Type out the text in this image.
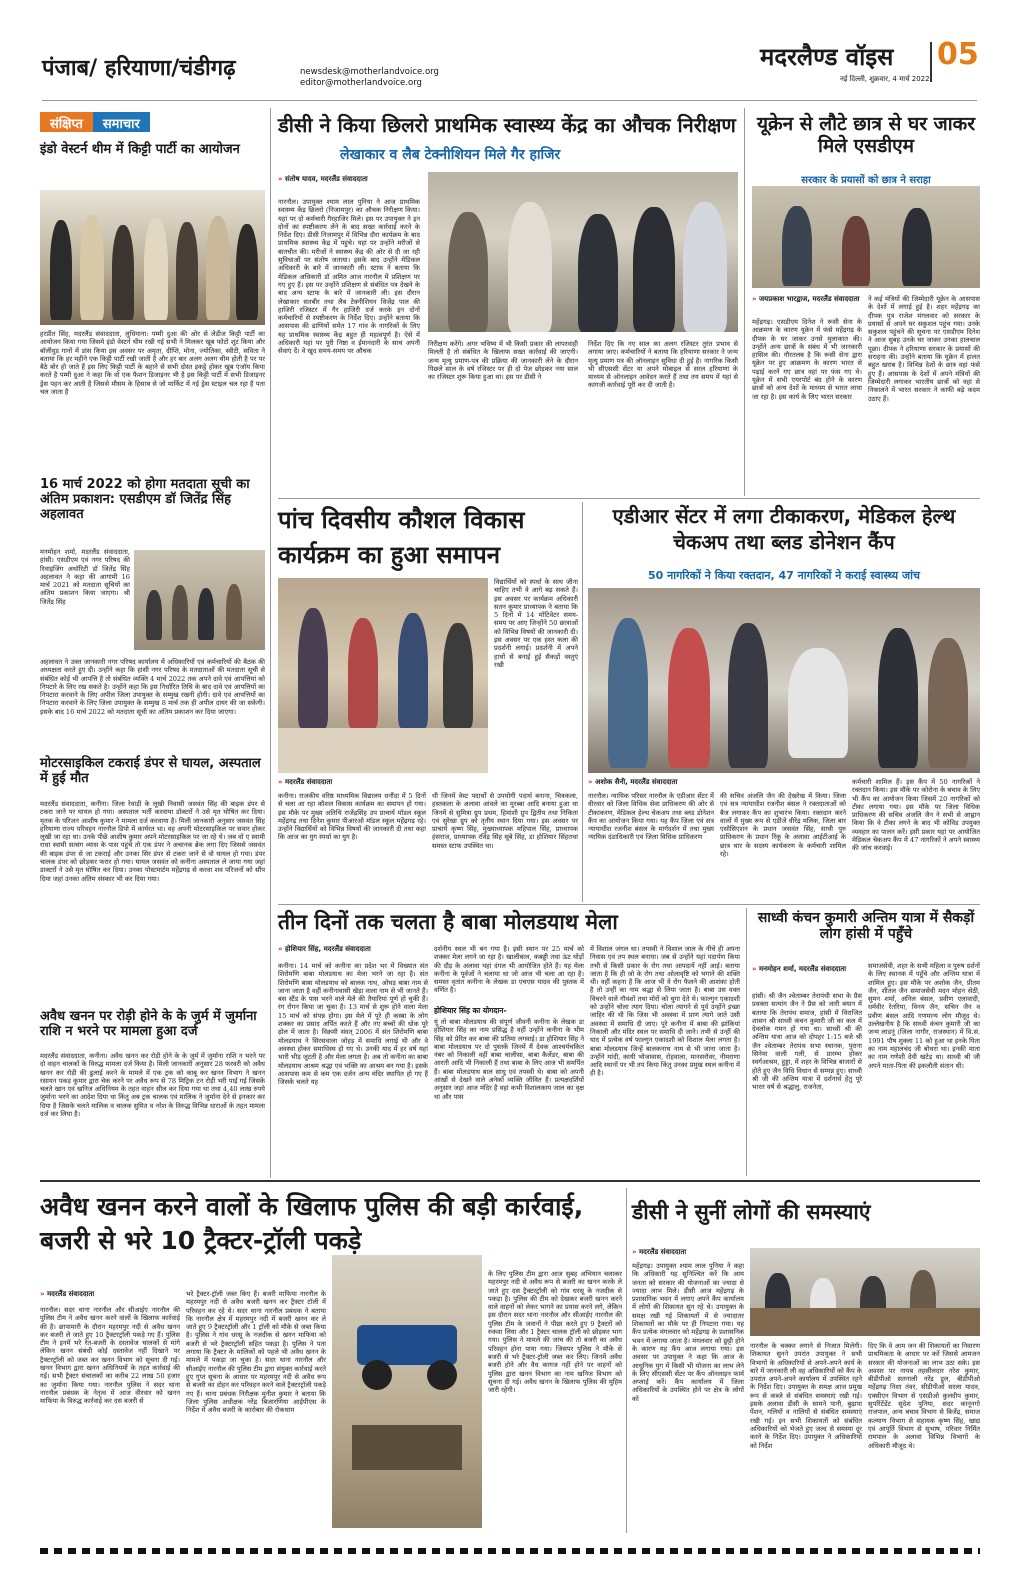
पंजाब/ हरियाणा/चंडीगढ़	newsdesk@motherlandvoice.org
editor@motherlandvoice.org
मदरलैण्ड वॉइस 05
नई दिल्ली, शुक्रवार, 4 मार्च 2022
संक्षिप्त	समाचार
इंडो वेस्टर्न थीम में किट्टी पार्टी का आयोजन
हरप्रीत सिंह, मदरलैंड संवाददाता, लुधियाना: पम्मी दुआ की ओर से लेडीज किट्टी पार्टी का आयोजन किया गया जिसमे इंडो वेस्टर्न थीम रखी गई सभी ने मिलकर खूब फोटो शूट किया और बॉलीवुड गानों में डांस किया इस अवसर पर अमृता, दीप्ति, मोना, ज्योतिका, स्वीटी, सविता ने बताया कि हर महीने एक किट्टी पार्टी रखी जाती है और हर बार अलग अलग थीम होती है पर पर बैठे बोर हो जाते हैं इस लिए किट्टी पार्टी के बहाने से सभी दोस्त इकट्ठे होकर खूब एंजॉय किया करते है पम्मी दुआ ने कहा कि वो एक फैशन डिजाइनर भी है इस किट्टी पार्टी में सभी डिजाइनर ड्रेस पहन कर आती है जिससे मौसम के हिसाब से जो मार्किट में नई ड्रेस स्टाइल चल रहा है पता चल जाता है
16 मार्च 2022 को होगा मतदाता सूची का अंतिम प्रकाशन: एसडीएम डॉ जितेंद्र सिंह अहलावत
मनमोहन शर्मा, मदरलैंड संवाददाता, हांसी। एसडीएम एवं नगर परिषद की रिवाइजिंग अथॉरिटी डॉ जितेंद्र सिंह अहलावत ने कहा की आगामी 16 मार्च 2021 को मतदाता सूचियों का अंतिम प्रकाशन किया जाएगा। श्री जितेंद्र सिंह
अहलावत ने उक्त जानकारी नगर परिषद कार्यालय में अधिकारियों एवं कर्मचारियों की बैठक की अध्यक्षता करते हुए दी। उन्होंने कहा कि हांसी नगर परिषद के मतदाताओं की मतदाता सूची से संबंधित कोई भी आपत्ति है तो संबंधित व्यक्ति 4 मार्च 2022 तक अपने दावे एवं आपत्तियां को निपटारे के लिए रख सकते है। उन्होंने कहा कि इस निर्धारित तिथि के बाद दावे एवं आपत्तियों का निपटारा करवाने के लिए अपील जिला उपायुक्त के सम्मुख रखनी होगी। दावे एवं आपत्तियों का निपटारा करवाने के लिए जिला उपायुक्त के सम्मुख 8 मार्च तक ही अपील दायर की जा सकेगी। इसके बाद 16 मार्च 2022 को मतदाता सूची का अंतिम प्रकाशन कर दिया जाएगा।
मोटरसाइकिल टकराई डंपर से घायल, अस्पताल में हुई मौत
मदरलैंड संवाददाता, कनीना। जिला रेवाड़ी के लूखी निवासी जसवंत सिंह की बाइक डंपर से टकरा जाने पर घायल हो गया। अस्पताल भर्ती करवाया डॉक्टरों ने उसे मृत घोषित कर दिया। मृतक के परिजन आशीष कुमार ने मामला दर्ज करवाया है। मिली जानकारी अनुसार जसवंत सिंह हरियाणा राज्य परिवहन नारनौल डिपो में कार्यरत था। वह अपनी मोटरसाइकिल पर सवार होकर लूखी जा रहा था। उनके पीछे आशीष कुमार अपने मोटरसाइकिल पर जा रहे थे। जब वो ए स्वामी राधा स्वामी सत्संग व्यास के पास पहुंचे तो एक डंपर ने अचानक ब्रेक लगा दिए जिससे जसवंत की बाइक डंपर से जा टकराई और उनका सिर डंपर से टकरा जाने से वो घायल हो गया। डंपर चालक डंपर को छोड़कर फरार हो गया। घायल जसवंत को कनीना अस्पताल ले जाया गया जहां डाक्टरों ने उसे मृत घोषित कर दिया। उनका पोस्टमार्टम महेंद्रगढ़ से करवा शव परिजनों को सौंप दिया जहां उनका अंतिम संस्कार भी कर दिया गया।
अवैध खनन पर रोड़ी होने के के जुर्म में जुर्माना राशि न भरने पर मामला हुआ दर्ज
मदरलैंड संवाददाता, कनीना। अवैध खनन कर रोड़ी होने के के जुर्म में जुर्माना राशि न भरने पर दो वाहन चालकों के विरुद्ध मामला दर्ज किया है। मिली जानकारी अनुसार 28 फरवरी को अवैध खनन कर रोड़ी की ढुलाई करने के मामले में एक ट्रक को काबू कर खनन विभाग ने खनन रसायन पकड़ कुमार द्वारा चेक करने पर अवैध रूप से 78 मिट्रिक टन रोड़ी भरी पाई गई जिसके चलते खान एवं खनिज अधिनियम के तहत वाहन सील कर दिया गया था तथा 4,40 लाख रुपये जुर्माना भरने का आदेश दिया था किंतु अब ट्रक चालक एवं मालिक ने जुर्माना देने से इनकार कर दिया है जिसके चलते मालिक व चालक सुमित व नरेश के विरुद्ध विभिन्न धाराओं के तहत मामला दर्ज कर लिया है।
डीसी ने किया छिलरो प्राथमिक स्वास्थ्य केंद्र का औचक निरीक्षण
लेखाकार व लैब टेक्नीशियन मिले गैर हाजिर
» संतोष यादव, मदरलैंड संवाददाता
नारनौल। उपायुक्त श्याम लाल पुनिया ने आज प्राथमिक स्वास्थ्य केंद्र छिलरो (निजामपुर) का औचक निरीक्षण किया। यहां पर दो कर्मचारी गैरहाजिर मिले। इस पर उपायुक्त ने इन दोनों का स्पष्टीकरण लेने के बाद सख्त कार्रवाई करने के निर्देश दिए। डीसी निजामपुर में विभिन्न दौरा कार्यक्रम के बाद प्राथमिक स्वास्थ्य केंद्र में पहुंचे। यहां पर उन्होंने मरीजों से बातचीत की। मरीजों ने स्वास्थ्य केंद्र की ओर से दी जा रही सुविधाओं पर संतोष जताया। इसके बाद उन्होंने मेडिकल अधिकारी के बारे में जानकारी ली। स्टाफ ने बताया कि मेडिकल अधिकारी डॉ अमित आज नारनौल में प्रशिक्षण पर गए हुए हैं। इस पर उन्होंने प्रशिक्षण से संबंधित पत्र देखने के बाद अन्य स्टाफ के बारे में जानकारी ली। इस दौरान लेखाकार सतबीर तथा लैब टेक्नीशियन विजेंद्र पाल की हाजिरी रजिस्टर में गैर हाजिरी दर्ज करके इन दोनों कर्मचारियों से स्पष्टीकरण के निर्देश दिए। उन्होंने बताया कि आसपास की ढाणियों समेत 17 गांव के नागरिकों के लिए यह प्राथमिक स्वास्थ्य केंद्र बहुत ही महत्वपूर्ण है। ऐसे में अधिकारी यहां पर पूरी निष्ठा व ईमानदारी के साथ अपनी सेवाएं दें। वे खुद समय-समय पर औचक
निरीक्षण करेंगे। अगर भविष्य में भी किसी प्रकार की लापरवाही मिलती है तो संबंधित के खिलाफ सख्त कार्रवाई की जाएगी। जन्म मृत्यु प्रमाण-पत्र की प्रक्रिया की जानकारी लेने के दौरान पिछले साल के वर्ष रजिस्टर पर ही दो पेज छोड़कर नया साल का रजिस्टर शुरू किया हुआ था। इस पर डीसी ने
निर्देश दिए कि नए साल का अलग रजिस्टर तुरंत प्रभाव से लगाया जाए। कर्मचारियों ने बताया कि हरियाणा सरकार ने जन्म मृत्यु प्रमाण पत्र की ऑनलाइन सुविधा दी हुई है। नागरिक किसी भी सीएससी सेंटर या अपने मोबाइल से सरल हरियाणा के माध्यम से ऑनलाइन आवेदन करते हैं तथा तय समय में यहां से कागजी कार्रवाई पूरी कर दी जाती है।
यूक्रेन से लौटे छात्र से घर जाकर मिले एसडीएम
सरकार के प्रयासों को छात्र ने सराहा
» जयप्रकाश भारद्वाज, मदरलैंड संवाददाता
महेंद्रगढ़। एसडीएम दिनेश ने रूसी सेना के आक्रमण के कारण यूक्रेन में फंसे महेंद्रगढ़ के दीपक के घर जाकर उनसे मुलाकात की। उन्होंने अन्य छात्रों के संबंध में भी जानकारी हासिल की। गौरतलब है कि रूसी सेना द्वारा यूक्रेन पर हुए आक्रमण के कारण भारत से पढ़ाई करने गए छात्र वहां पर फंस गए थे। यूक्रेन में सभी एयरपोर्ट बंद होने के कारण छात्रों को अन्य देशों के माध्यम से भारत लाया जा रहा है। इस कार्य के लिए भारत सरकार
ने कई मंत्रियों की जिम्मेदारी यूक्रेन के आसपास के देशों में लगाई हुई है। शहर महेंद्रगढ़ का दीपक पुत्र राजेश मंगलवार को सरकार के प्रयासों से अपने घर सकुशल पहुंच गया। उनके सकुशल पहुंचने की सूचना पर एसडीएम दिनेश ने आज सुबह उनके घर जाकर उनका हालचाल पूछा। दीपक ने हरियाणा सरकार के प्रयासों की सराहना की। उन्होंने बताया कि यूक्रेन में हालत बहुत खराब है। विभिन्न देशों के छात्र वहां फंसे हुए हैं। आसपास के देशों में अपने मंत्रियों की जिम्मेदारी लगाकर भारतीय छात्रों को वहां से निकालने में भारत सरकार ने काफी बढ़े कदम उठाए हैं।
पांच दिवसीय कौशल विकास कार्यक्रम का हुआ समापन
विद्यार्थियों को स्पर्धा के साथ जीना चाहिए तभी वे आगे बढ़ सकते हैं। इस अवसर पर कार्यक्रम अधिकारी सतन कुमार प्राध्यापक ने बताया कि 5 दिनों में 14 मोटिवेटर समय-समय पर आए जिन्होंने 50 छात्राओं को विभिन्न विषयों की जानकारी दी। इस अवसर पर एक हस्त कला की प्रदर्शनी लगाई। प्रदर्शनी में अपने हाथों से बनाई हुई सैकड़ों वस्तुएं रखी
» मदरलैंड संवाददाता
कनीना। राजकीय वरिष्ठ माध्यमिक विद्यालय धनौंदा में 5 दिनों से चला आ रहा कौशल विकास कार्यक्रम का समापन हो गया। इस मौके पर मुख्य अतिथि राजेंद्रसिंह उप प्राचार्य मॉडल स्कूल महेंद्रगढ़ तथा दिनेश कुमार पीआरओ मॉडल स्कूल महेंद्रगढ़ रहे। उन्होंने विद्यार्थियों को विभिन्न विषयों की जानकारी दी तथा कहा कि आज का युग स्पर्धा का युग है।
थी जिनमें वेस्ट पदार्थों से उपयोगी पदार्थ बनाना, चित्रकला, हस्तकला के अलावा आंवले का मुरब्बा आदि बनाया हुआ था जिनमें से सुमित्रा ग्रुप प्रथम, हिमांशी ग्रुप द्वितीय तथा निकिता एवं सुरेखा ग्रुप को तृतीय स्थान दिया गया। इस अवसर पर प्राचार्य कृष्ण सिंह, मुख्याध्यापक महिपाल सिंह, प्राध्यापक हंसराज, प्राध्यापक रविंद्र सिंह सूबे सिंह, डा होशियार सिंहतथा समस्त स्टाफ उपस्थित था।
एडीआर सेंटर में लगा टीकाकरण, मेडिकल हेल्थ चेकअप तथा ब्लड डोनेशन कैंप
50 नागरिकों ने किया रक्तदान, 47 नागरिकों ने कराई स्वास्थ्य जांच
» अशोक सैनी, मदरलैंड संवाददाता
नारनौल। न्यायिक परिसर नारनौल के एडीआर सेंटर में वीरवार को जिला विधिक सेवा प्राधिकरण की ओर से टीकाकरण, मेडिकल हेल्थ चेकअप तथा ब्लड डोनेशन कैंप का आयोजन किया गया। यह कैंप जिला एवं सत्र न्यायाधीश रजनीश बंसल के मार्गदर्शन में तथा मुख्य न्यायिक दंडाधिकारी एवं जिला विधिक प्राधिकरण
की सचिव अंजलि जैन की देखरेख में किया। जिला एवं सत्र न्यायाधीश रजनीश बंसल ने रक्तदाताओं को बैज लगाकर कैंप का शुभारंभ किया। रक्तदान करने वालों में मुख्य रूप से एडीजे वीरेंद्र मलिक, जिला बार एसोसिएशन के प्रधान जसवंत सिंह, साथी पुरु प्राधिकरण के प्रधान रिंकू के अलावा आईटीआई के छात्र थार के सदस्य कार्यकरण के कर्मचारी शामिल रहे।
कर्मचारी शामिल हैं। इस कैंप में 50 नागरिकों ने रक्तदान किया। इस मौके पर कोरोना के बचाव के लिए भी कैंप का आयोजन किया जिसमें 20 नागरिकों को टीका लगाया गया। इस मौके पर जिला विधिक प्राधिकरण की सचिव अंजलि जैन ने सभी से आह्वान किया कि वे टीका लगने के बाद भी कोविड उपयुक्त व्यवहार का पालन करें। इसी प्रकार यहां पर आयोजित मेडिकल चेकअप कैंप में 47 नागरिकों ने अपने स्वास्थ्य की जांच करवाई।
तीन दिनों तक चलता है बाबा मोलडयाथ मेला
» होशियार सिंह, मदरलैंड संवाददाता
कनीना। 14 मार्च को कनीना का प्रदेश भर में विख्यात संत शिरोमणि बाबा मोलडयाथ का मेला भरने जा रहा है। संत शिरोमणि बाबा मोलडयाथ को बालक नाथ, ओघड़ बाबा नाम से जाना जाता है वहीं कनीनावासी खेड़ा वाला नाम से भी जानते हैं। बस स्टैंड के पास भरने वाले मेले की तैयारियां पूर्ण हो चुकी हैं। रंग रोगन किया जा चुका है। 13 मार्च से शुरू होने वाला मेला 15 मार्च को संपन्न होगा। इस मेले में पूरे ही कस्बा के लोग शक्कर का प्रसाद अर्पित करते हैं और नए बच्चों की धोक पूरे ढ़ोल में जाता है। विक्रमी संवत् 2006 में संत शिरोमणि बाबा मोलडयाथ ने सिरसवाला जोहड़ में समाधि लगाई थी और वे अवस्था होकर समाधिस्थ हो गए थे। उनकी याद में हर वर्ष यहां भारी भीड़ जुटती है और मेला लगता है। अब तो कनीना का बाबा मोलडयाथ आश्रम श्रद्धा एवं भक्ति का आश्रम बन गया है। इसके आसपास कम से कम एक दर्जन अन्य मंदिर स्थापित हो गए हैं जिसके चलते यह
दर्शनीय स्थल भी बन गया है। इसी स्थान पर 25 मार्च को शक्कर मेला लगने जा रहा है। खालीबाल, कबड्डी तथा ऊंट घोड़ों की दौड़ के अलावा यहां दंगल भी आयोजित होते हैं। यह मेला कनीना के पूर्वजों ने चलाया था जो आज भी चला आ रहा है। समस्त वृतांत कनीना के लेखक डा एचएस यादव की पुस्तक में वर्णित है।
होशियार सिंह का योगदान-
यूं तो बाबा मोलडयाथ की संपूर्ण जीवनी कनीना के लेखक डा होशियार सिंह का नाम प्रसिद्ध है वहीं उन्होंने कनीना के भीम सिंह को प्रेरित कर बाबा की प्रतिमा लगवाई। डा होशियार सिंह ने बाबा मोलडयाथ पर दो पुस्तकें जिनमें मैं देवक आश्चर्यचकित नंबर को निकाली वहीं बाबा चालीसा, बाबा कैलेंडर, बाबा की आरती आदि भी निकाली हैं तथा बाबा के लिए आज भी समर्पित हैं। बाबा मोलडयाथ बाल साधु एवं तपस्वी थे। बाबा को अपनी आंखों से देखने वाले अनेकों व्यक्ति जीवित हैं। प्रत्यक्षदर्शियों अनुसार जहां आज मंदिर है वहां कभी विशालकाय जाल का वृक्ष था और पास
में विशाल जंगल था। तपस्वी ने विशाल जाल के नीचे ही अपना निवास एवं तप स्थल बनाया। जब से उन्होंने यहां पदार्पण किया तभी से किसी प्रकार के रोग तथा आपदायें नहीं आई। बताया जाता है कि ही जो के रोग तथा ओलावृष्टि को भगाने की शक्ति थी। वहीं कहना है कि आज भी वे रोग फैलने की आशंका होती है तो उन्हीं का नाम श्रद्धा से लिया जाता है। बाबा उस वक्त विचरने वाले गौवंशों तथा मोरों को चुगा देते थे। फाल्गुन एकादशी को उन्होंने चोला त्याग दिया। चोला त्यागने से पूर्व उन्होंने इच्छा जाहिर की थी कि जिस भी अवस्था में प्राण त्यागे जाते उसी अवस्था में समाधि दी जाए। पूरे कनीना में बाबा की झांकियां निकाली और मंदिर स्थल पर समाधि दी जाने। तभी से उन्हीं की याद में प्रत्येक वर्ष फाल्गुन एकादशी को विशाल मेला लगता है। बाबा मोलडयाथ जिन्हें बालकनाथ नाम से भी जाना जाता है। उन्होंने मांदी, कायी भोजावास, रोहवाला, मानसरोवर, नीमराणा आदि स्थानों पर भी तप किया किंतु उनका प्रमुख स्थल कनीना में ही है।
साध्वी कंचन कुमारी अन्तिम यात्रा में सैकड़ों लोग हांसी में पहुँचे
» मनमोहन शर्मा, मदरलैंड संवाददाता
हांसी। श्री जैन श्वेताम्बर तेरापंथी सभा के प्रैस प्रवक्ता सत्यांग जैन ने प्रैस को जारी बयान में बताया कि तेरापंथ समाज, हांसी में विराजित शासन श्री साध्वी कंचन कुमारी जी का कल में देवलोक गमन हो गया था। साध्वी श्री की अन्तिम यात्रा आज को दोपहर 1:15 बजे श्री जैन श्वेताम्बर तेरापंथ सभा स्थानक, पुराना सिनेमा वाली गली, से प्रारम्भ होकर स्वर्गआश्रम, हुड्डा, में शहर के विभिन्न बाजारों से होते हुए जैन विधि विधान से सम्पन्न हुए। साध्वी श्री जी की अन्तिम यात्रा में दर्शनार्थ हेतु पूरे भारत वर्ष से श्रद्धालु, राजनेता,
समाजसेवी, शहर के सभी महिला व पुरुष दर्शनों के लिए स्थानक में पहुँचे और अन्तिम यात्रा में शामिल हुए। इस मौके पर अशोक जैन, प्रीतम जैन, शीतल जैन समाजसेवी मदन मोहन सेठी, सुमन शर्मा, अनिल बंसल, प्रवीण एलावादी, धर्मवीर रेतरिया, विनय जैन, सचिन जैन व प्रवीण बंसल आदि गणमान्य लोग मौजूद थे। उल्लेखनीय है कि साध्वी कंचन कुमारी जी का जन्म लाडनूं (जिला नागौर, राजस्थान) में वि.सं. 1991 पौष शुक्ला 11 को हुआ था इनके पिता का नाम महालचंद जी बोथरा था। इनकी माता का नाम गणेशी देवी खटेड़ था। साध्वी श्री जी अपने माता-पिता की इकलौती संतान थी।
अवैध खनन करने वालों के खिलाफ पुलिस की बड़ी कार्रवाई, बजरी से भरे 10 ट्रैक्टर-ट्रॉली पकड़े
» मदरलैंड संवाददाता
नारनौल। सदर थाना नारनौल और सीआईए नारनौल की पुलिस टीम ने अवैध खनन करने वालों के खिलाफ कार्रवाई की है। छापामारी के दौरान महरमपुर नदी से अवैध खनन कर बजरी ले जाते हुए 10 ट्रैक्टरट्रॉली पकड़े गए हैं। पुलिस टीम ने इनमें भरे रेत-बजरी के दस्तावेज चालकों से मांगे लेकिन खनन संबंधी कोई दस्तावेज नहीं दिखाने पर ट्रैक्टरट्रॉली को जब्त कर खनन विभाग को सूचना दी गई। खनन विभाग द्वारा खनन अधिनियमों के तहत कार्रवाई की गई। सभी ट्रैक्टर संचालकों का करीब 22 लाख 50 हजार का जुर्माना किया गया। नारनौल पुलिस ने सदर थाना नारनौल प्रबंधक के नेतृत्व में आज वीरवार को खनन माफिया के विरुद्ध कार्रवाई कर दस बजरी से
भरे ट्रैक्टर-ट्रॉली जब्त किए हैं। बजरी माफिया नारनौल के महरमपुर नदी से अवैध बजरी खनन कर ट्रैक्टर टॉली में परिवहन कर रहे थे। सदर थाना नारनौल प्रबंधक ने बताया कि नारनौल क्षेत्र में महरमपुर नदी में बजरी खनन कर ले जाते हुए 9 ट्रैक्टरट्रॉली और 1 ट्रॉली को मौके से जब्त किया है। पुलिस ने गांव धरसू के नजदीक से खनन माफिया को बजरी से भरे ट्रैक्टरट्रॉली सहित पकड़ा है। पुलिस ने पता लगाया कि ट्रैक्टर के मालिकों को पहले भी अवैध खनन के मामले में पकड़ा जा चुका है। सदर थाना नारनौल और सीआईए नारनौल की पुलिस टीम द्वारा संयुक्त कार्रवाई करते हुए गुप्त सूचना के आधार पर महरमपुर नदी से अवैध रूप से बजरी का दोहन कर परिवहन करने वाले ट्रैक्टरट्रॉली पकड़े गए हैं। थाना प्रबंधक निरीक्षक मुनीश कुमार ने बताया कि जिला पुलिस अधीक्षक नरेंद्र बिजारणिया आईपीएस के निर्देश में अवैध बजरी के कारोबार की रोकथाम
के लिए पुलिस टीम द्वारा आज सुबह अभियान चलाकर महरमपुर नदी से अवैध रूप से बजरी का खनन करके ले जाते हुए दस ट्रैक्टरट्रॉली को गांव धरसू के नजदीक से पकड़ा है। पुलिस की टीम को देखकर बजरी खनन करने वाले वाहनों को लेकर भागने का प्रयास करने लगे, लेकिन इस दौरान सदर थाना नारनौल और सीआईए नारनौल की पुलिस टीम के जवानों ने पीछा करते हुए 9 ट्रैक्टरों को रुकवा लिया और 1 ट्रैक्टर चालक ट्रॉली को छोड़कर भाग गया। पुलिस ने मामले की जांच की तो बजरी का अवैध परिवहन होना पाया गया। जिसपर पुलिस ने मौके से बजरी से भरे ट्रैक्टर-ट्रॉली जब्त कर लिए। जिनमें अवैध बजरी होने और वैध कागज नहीं होने पर वाहनों को पुलिस द्वारा खनन विभाग का नाम खनिज विभाग को सूचना दी गई। अवैध खनन के खिलाफ पुलिस की मुहिम जारी रहेगी।
डीसी ने सुनीं लोगों की समस्याएं
» मदरलैंड संवाददाता
महेंद्रगढ़। उपायुक्त श्याम लाल पुनिया ने कहा कि अधिकारी यह सुनिश्चित करें कि आम जनता को सरकार की योजनाओं का ज्यादा से ज्यादा लाभ मिले। डीसी आज महेंद्रगढ़ के प्रशासनिक भवन में लगाए अपने कैंप कार्यालय में लोगों की शिकायत सुन रहे थे। उपायुक्त के समक्ष रखी गई शिकायतों में से ज्यादातर शिकायतों का मौके पर ही निपटारा गया। यह कैंप प्रत्येक मंगलवार को महेंद्रगढ़ के प्रशासनिक भवन में लगाया जाता है। मंगलवार को छुट्टी होने के कारण यह कैंप आज लगाया गया। इस अवसर पर उपायुक्त ने कहा कि आज के आधुनिक युग में किसी भी योजना का लाभ लेने के लिए सीएससी सेंटर पर कैंप ऑनलाइन फार्म अप्लाई करें। कैंप कार्यालय में जिला अधिकारियों के उपस्थित होने पर क्षेत्र के लोगों को
नारनौल के चक्कर लगाने से निजात मिलेगी। शिकायत सुनने उपरांत उपायुक्त ने सभी विभागों के अधिकारियों से अपने-अपने कार्य के बारे में जानकारी ली वह अधिकारियों को कैंप के उपरांत अपने-अपने कार्यालय में उपस्थित रहने के निर्देश दिए। उपायुक्त के समक्ष आज प्रमुख रूप से कब्जे से संबंधित समस्याएं रखी गई। इसके अलावा डीसी के सामने पानी, बुढ़ापा पेंशन, गलियों व नालियों से संबंधित समस्याएं रखी गई। इन सभी शिकायतों को संबंधित अधिकारियों को भेजते हुए जल्द से समस्या दूर करने के निर्देश दिए। उपायुक्त ने अधिकारियों को निर्देश
दिए कि वे आम जन की शिकायतों का निवारण प्राथमिकता के आधार पर करें जिससे आमजन सरकार की योजनाओं का लाभ उठा सके। इस अवसर पर नायब तहसीलदार नरेश कुमार, बीडीपीओ सतनाली नरेंद्र डूल, बीडीपीओ महेंद्रगढ़ निशा तंवर, सीडीपीओ सरला यादव, एक्सीएन विभाग से एसडीओ कुलदीप कुमार, सुपरिंटेंडेंट सुदेश पुनिया, सदर कानूनगो राजपाल, अन्य बचाव विभाग से बिजेंद्र, समाज कल्याण विभाग से सहायक कृष्ण सिंह, खाद्य एवं आपूर्ति विभाग से सुभाष, परिवार निर्मित रामपाल के अलावा विभिन्न विभागों के अधिकारी मौजूद थे।
